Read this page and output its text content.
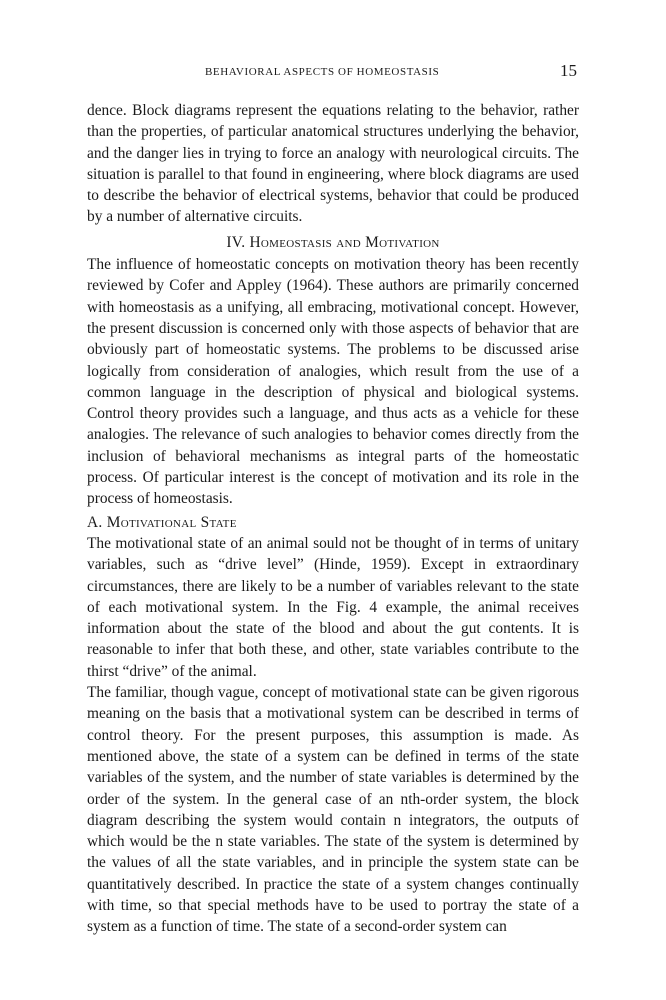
BEHAVIORAL ASPECTS OF HOMEOSTASIS	15

dence. Block diagrams represent the equations relating to the behavior, rather than the properties, of particular anatomical structures underlying the behavior, and the danger lies in trying to force an analogy with neurological circuits. The situation is parallel to that found in engineering, where block diagrams are used to describe the behavior of electrical systems, behavior that could be produced by a number of alternative circuits.

IV. Homeostasis and Motivation

The influence of homeostatic concepts on motivation theory has been recently reviewed by Cofer and Appley (1964). These authors are primarily concerned with homeostasis as a unifying, all embracing, motivational concept. However, the present discussion is concerned only with those aspects of behavior that are obviously part of homeostatic systems. The problems to be discussed arise logically from consideration of analogies, which result from the use of a common language in the description of physical and biological systems. Control theory provides such a language, and thus acts as a vehicle for these analogies. The relevance of such analogies to behavior comes directly from the inclusion of behavioral mechanisms as integral parts of the homeostatic process. Of particular interest is the concept of motivation and its role in the process of homeostasis.

A. Motivational State

The motivational state of an animal sould not be thought of in terms of unitary variables, such as “drive level” (Hinde, 1959). Except in extraordinary circumstances, there are likely to be a number of variables relevant to the state of each motivational system. In the Fig. 4 example, the animal receives information about the state of the blood and about the gut contents. It is reasonable to infer that both these, and other, state variables contribute to the thirst “drive” of the animal.

The familiar, though vague, concept of motivational state can be given rigorous meaning on the basis that a motivational system can be described in terms of control theory. For the present purposes, this assumption is made. As mentioned above, the state of a system can be defined in terms of the state variables of the system, and the number of state variables is determined by the order of the system. In the general case of an nth-order system, the block diagram describing the system would contain n integrators, the outputs of which would be the n state variables. The state of the system is determined by the values of all the state variables, and in principle the system state can be quantitatively described. In practice the state of a system changes continually with time, so that special methods have to be used to portray the state of a system as a function of time. The state of a second-order system can
